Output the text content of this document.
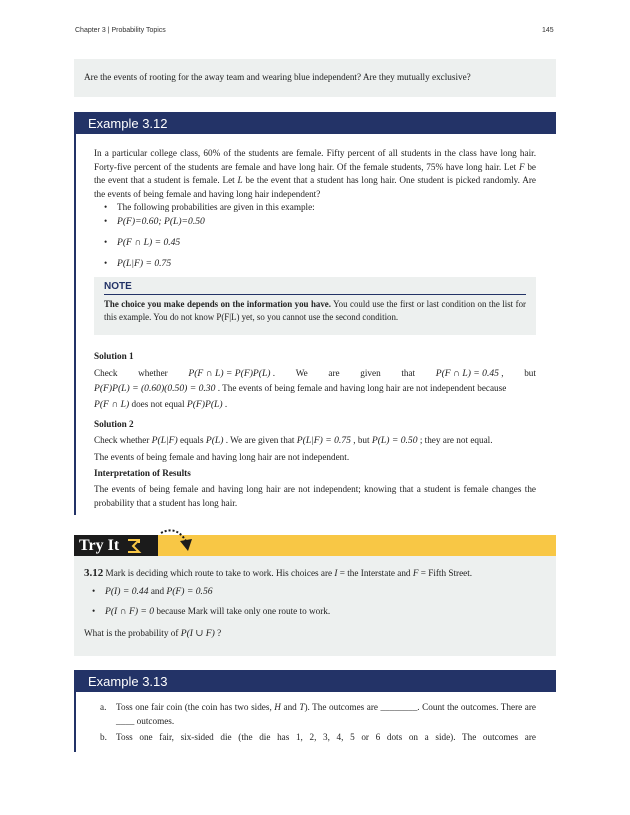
Chapter 3 | Probability Topics	145
Are the events of rooting for the away team and wearing blue independent? Are they mutually exclusive?
Example 3.12
In a particular college class, 60% of the students are female. Fifty percent of all students in the class have long hair. Forty-five percent of the students are female and have long hair. Of the female students, 75% have long hair. Let F be the event that a student is female. Let L be the event that a student has long hair. One student is picked randomly. Are the events of being female and having long hair independent?
• The following probabilities are given in this example:
• P(F)=0.60; P(L)=0.50
• P(F ∩ L) = 0.45
• P(L|F) = 0.75
NOTE
The choice you make depends on the information you have. You could use the first or last condition on the list for this example. You do not know P(F|L) yet, so you cannot use the second condition.
Solution 1
Check whether P(F ∩ L) = P(F)P(L) . We are given that P(F ∩ L) = 0.45 , but
P(F)P(L) = (0.60)(0.50) = 0.30 . The events of being female and having long hair are not independent because
P(F ∩ L) does not equal P(F)P(L) .
Solution 2
Check whether P(L|F) equals P(L) . We are given that P(L|F) = 0.75 , but P(L) = 0.50 ; they are not equal.
The events of being female and having long hair are not independent.
Interpretation of Results
The events of being female and having long hair are not independent; knowing that a student is female changes the probability that a student has long hair.
Try It
3.12 Mark is deciding which route to take to work. His choices are I = the Interstate and F = Fifth Street.
• P(I) = 0.44 and P(F) = 0.56
• P(I ∩ F) = 0 because Mark will take only one route to work.
What is the probability of P(I ∪ F) ?
Example 3.13
a. Toss one fair coin (the coin has two sides, H and T). The outcomes are ________. Count the outcomes. There are ____ outcomes.
b. Toss one fair, six-sided die (the die has 1, 2, 3, 4, 5 or 6 dots on a side). The outcomes are
